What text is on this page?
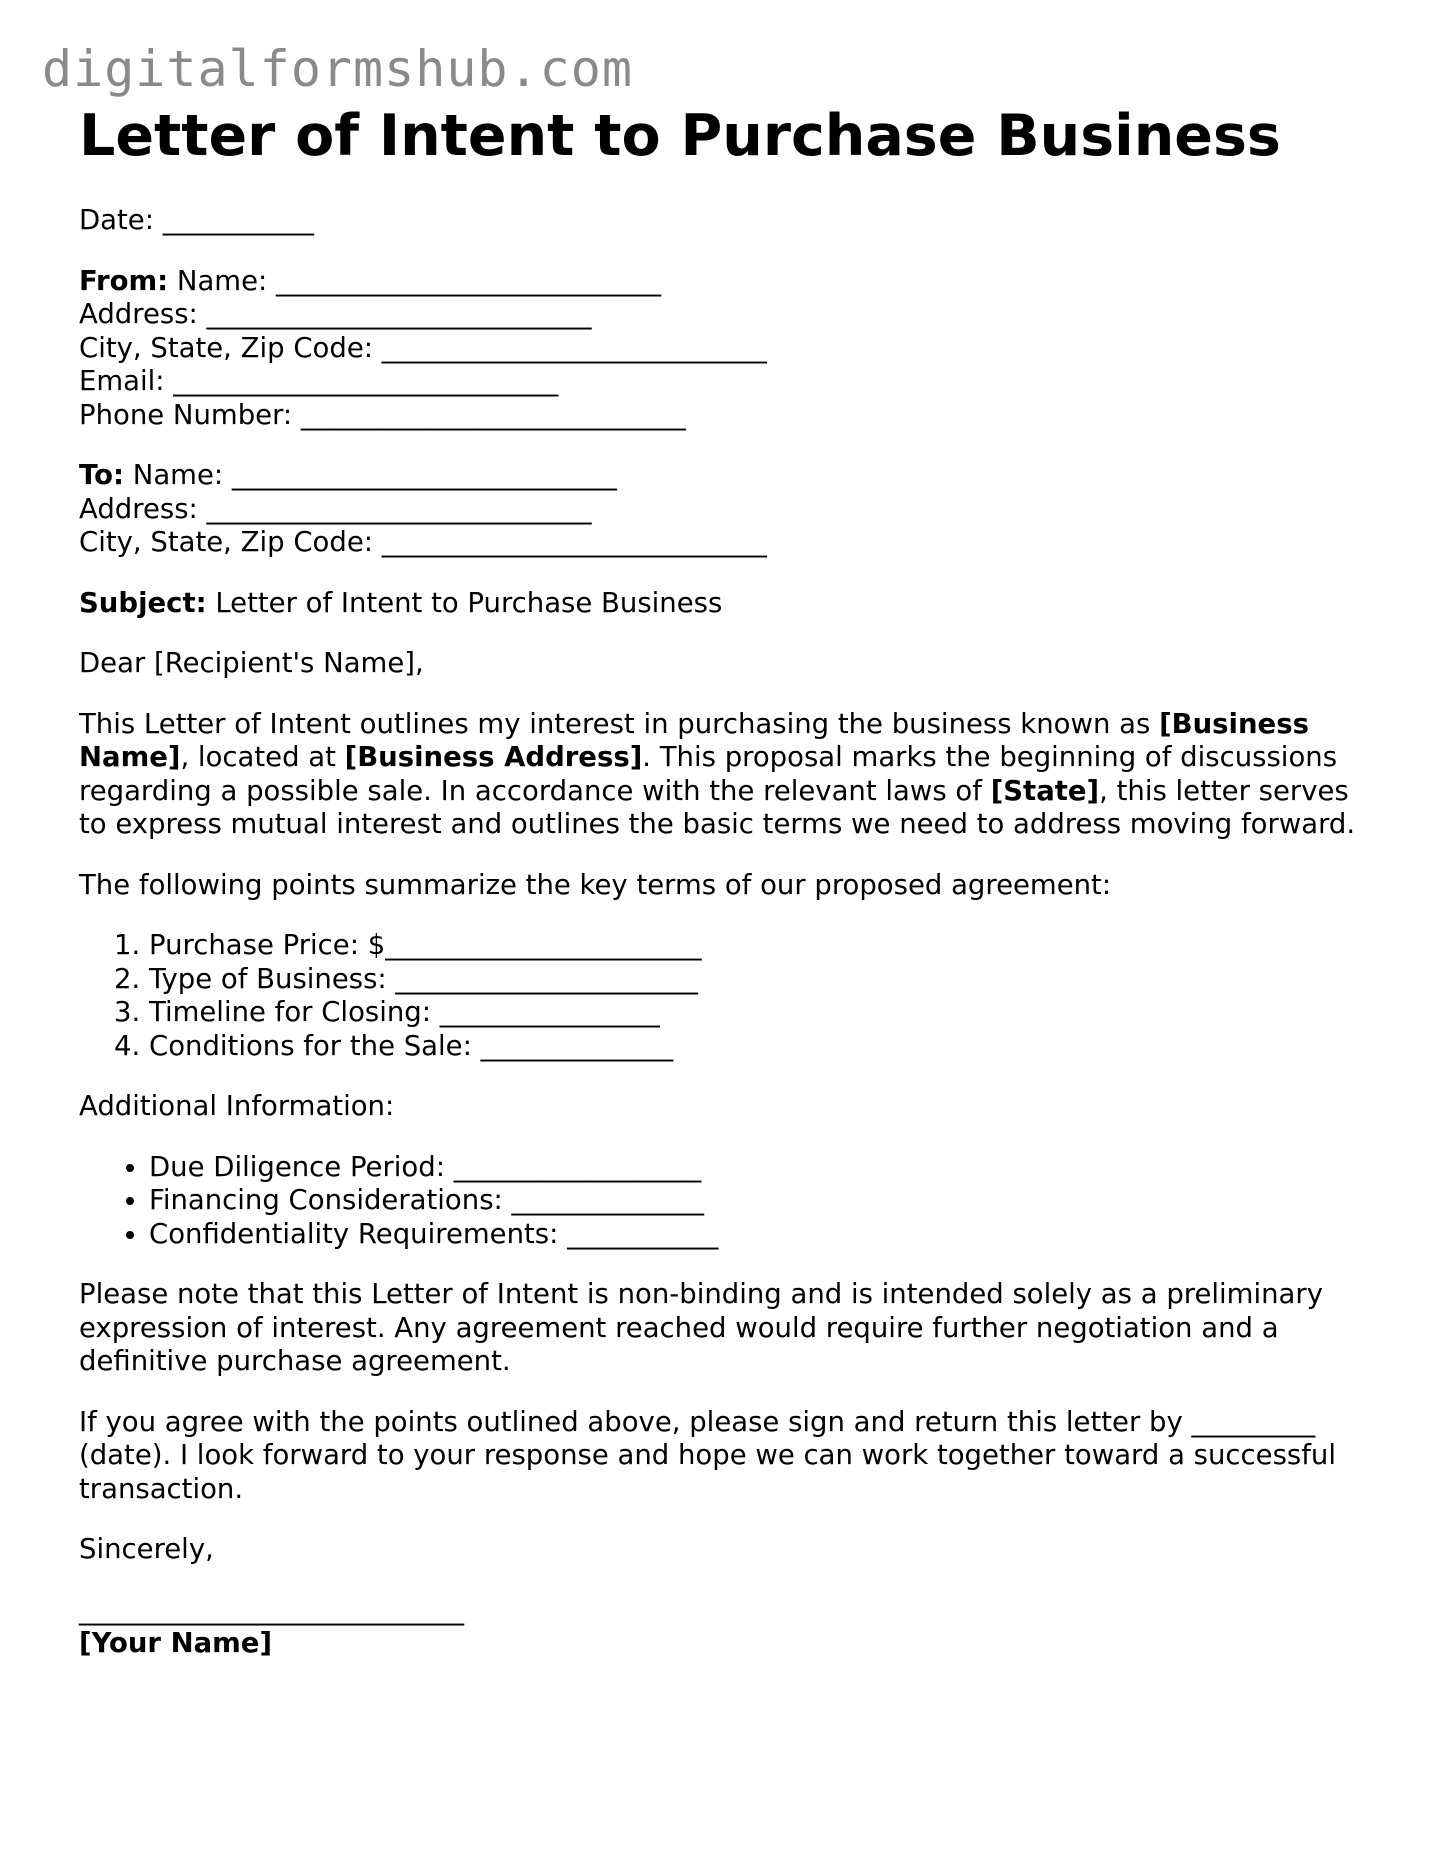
digitalformshub.com
Letter of Intent to Purchase Business

Date: ___________

From: Name: ____________________________
Address: ____________________________
City, State, Zip Code: ____________________________
Email: ____________________________
Phone Number: ____________________________
To: Name: ____________________________
Address: ____________________________
City, State, Zip Code: ____________________________

Subject: Letter of Intent to Purchase Business

Dear [Recipient's Name],

This Letter of Intent outlines my interest in purchasing the business known as [Business Name], located at [Business Address]. This proposal marks the beginning of discussions regarding a possible sale. In accordance with the relevant laws of [State], this letter serves to express mutual interest and outlines the basic terms we need to address moving forward.

The following points summarize the key terms of our proposed agreement:

1. Purchase Price: $_______________________
2. Type of Business: ______________________
3. Timeline for Closing: ________________
4. Conditions for the Sale: ______________

Additional Information:

• Due Diligence Period: __________________
• Financing Considerations: ______________
• Confidentiality Requirements: ___________

Please note that this Letter of Intent is non-binding and is intended solely as a preliminary expression of interest. Any agreement reached would require further negotiation and a definitive purchase agreement.

If you agree with the points outlined above, please sign and return this letter by _________ (date). I look forward to your response and hope we can work together toward a successful transaction.

Sincerely,

____________________________
[Your Name]
